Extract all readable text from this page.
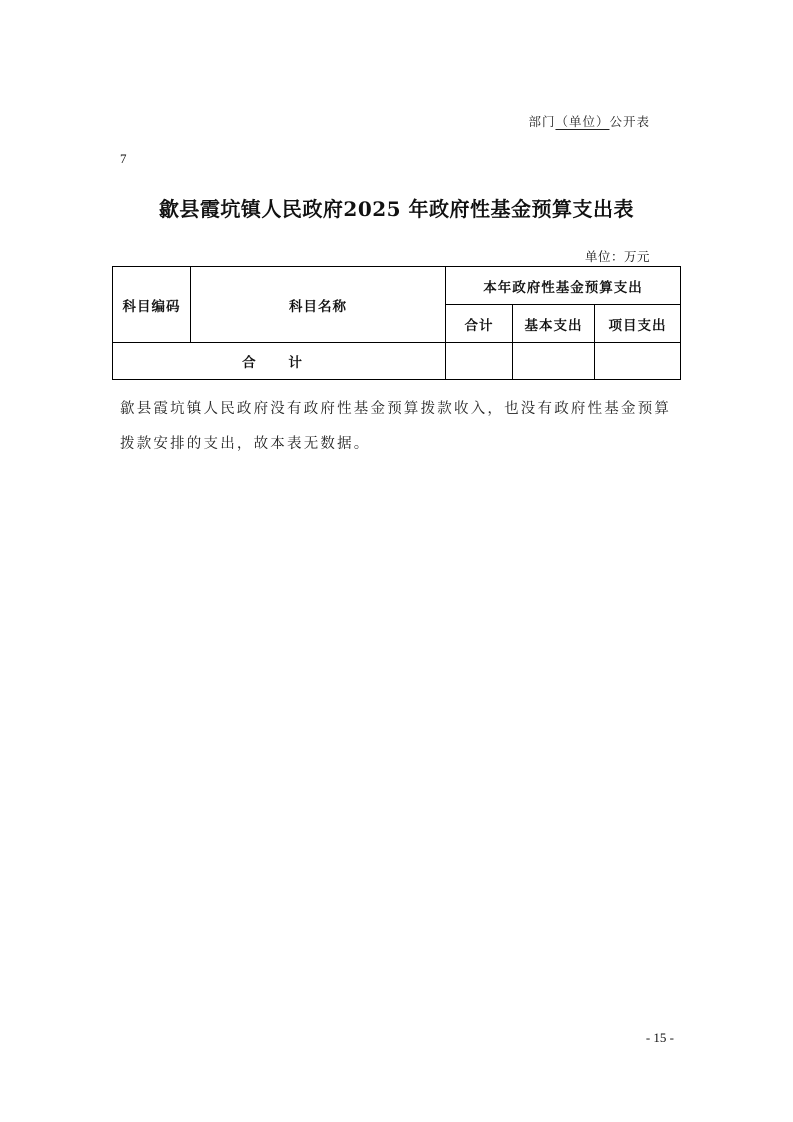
部门（单位）公开表
7
歙县霞坑镇人民政府2025 年政府性基金预算支出表
单位：万元
科目编码	科目名称	本年政府性基金预算支出		
		合计	基本支出	项目支出
合 计				
歙县霞坑镇人民政府没有政府性基金预算拨款收入，也没有政府性基金预算拨款安排的支出，故本表无数据。
- 15 -
